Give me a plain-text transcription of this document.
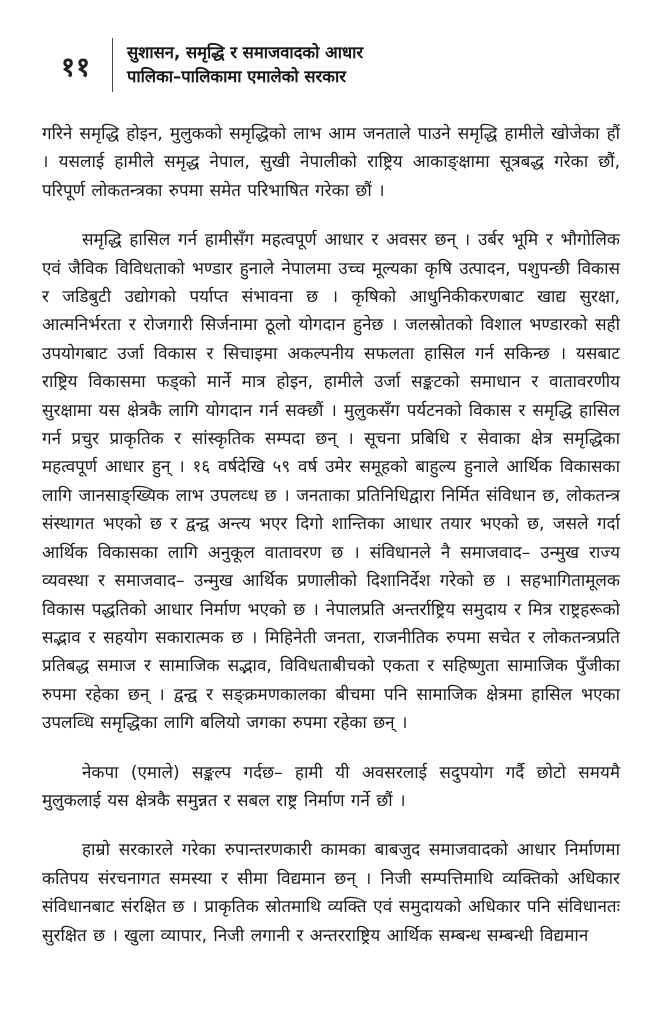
११	सुशासन, समृद्धि र समाजवादको आधार
पालिका–पालिकामा एमालेको सरकार

गरिने समृद्धि होइन, मुलुकको समृद्धिको लाभ आम जनताले पाउने समृद्धि हामीले खोजेका हौं । यसलाई हामीले समृद्ध नेपाल, सुखी नेपालीको राष्ट्रिय आकाङ्क्षामा सूत्रबद्ध गरेका छौं, परिपूर्ण लोकतन्त्रका रुपमा समेत परिभाषित गरेका छौं ।

समृद्धि हासिल गर्न हामीसँग महत्वपूर्ण आधार र अवसर छन् । उर्बर भूमि र भौगोलिक एवं जैविक विविधताको भण्डार हुनाले नेपालमा उच्च मूल्यका कृषि उत्पादन, पशुपन्छी विकास र जडिबुटी उद्योगको पर्याप्त संभावना छ । कृषिको आधुनिकीकरणबाट खाद्य सुरक्षा, आत्मनिर्भरता र रोजगारी सिर्जनामा ठूलो योगदान हुनेछ । जलस्रोतको विशाल भण्डारको सही उपयोगबाट उर्जा विकास र सिचाइमा अकल्पनीय सफलता हासिल गर्न सकिन्छ । यसबाट राष्ट्रिय विकासमा फड्को मार्ने मात्र होइन, हामीले उर्जा सङ्कटको समाधान र वातावरणीय सुरक्षामा यस क्षेत्रकै लागि योगदान गर्न सक्छौं । मुलुकसँग पर्यटनको विकास र समृद्धि हासिल गर्न प्रचुर प्राकृतिक र सांस्कृतिक सम्पदा छन् । सूचना प्रबिधि र सेवाका क्षेत्र समृद्धिका महत्वपूर्ण आधार हुन् । १६ वर्षदेखि ५९ वर्ष उमेर समूहको बाहुल्य हुनाले आर्थिक विकासका लागि जानसाङ्ख्यिक लाभ उपलव्ध छ । जनताका प्रतिनिधिद्वारा निर्मित संविधान छ, लोकतन्त्र संस्थागत भएको छ र द्वन्द्व अन्त्य भएर दिगो शान्तिका आधार तयार भएको छ, जसले गर्दा आर्थिक विकासका लागि अनुकूल वातावरण छ । संविधानले नै समाजवाद– उन्मुख राज्य व्यवस्था र समाजवाद– उन्मुख आर्थिक प्रणालीको दिशानिर्देश गरेको छ । सहभागितामूलक विकास पद्धतिको आधार निर्माण भएको छ । नेपालप्रति अन्तर्राष्ट्रिय समुदाय र मित्र राष्ट्रहरूको सद्भाव र सहयोग सकारात्मक छ । मिहिनेती जनता, राजनीतिक रुपमा सचेत र लोकतन्त्रप्रति प्रतिबद्ध समाज र सामाजिक सद्भाव, विविधताबीचको एकता र सहिष्णुता सामाजिक पुँजीका रुपमा रहेका छन् । द्वन्द्व र सङ्क्रमणकालका बीचमा पनि सामाजिक क्षेत्रमा हासिल भएका उपलव्धि समृद्धिका लागि बलियो जगका रुपमा रहेका छन् ।

नेकपा (एमाले) सङ्कल्प गर्दछ– हामी यी अवसरलाई सदुपयोग गर्दै छोटो समयमै मुलुकलाई यस क्षेत्रकै समुन्नत र सबल राष्ट्र निर्माण गर्ने छौं ।

हाम्रो सरकारले गरेका रुपान्तरणकारी कामका बाबजुद समाजवादको आधार निर्माणमा कतिपय संरचनागत समस्या र सीमा विद्यमान छन् । निजी सम्पत्तिमाथि व्यक्तिको अधिकार संविधानबाट संरक्षित छ । प्राकृतिक स्रोतमाथि व्यक्ति एवं समुदायको अधिकार पनि संविधानतः सुरक्षित छ । खुला व्यापार, निजी लगानी र अन्तरराष्ट्रिय आर्थिक सम्बन्ध सम्बन्धी विद्यमान
